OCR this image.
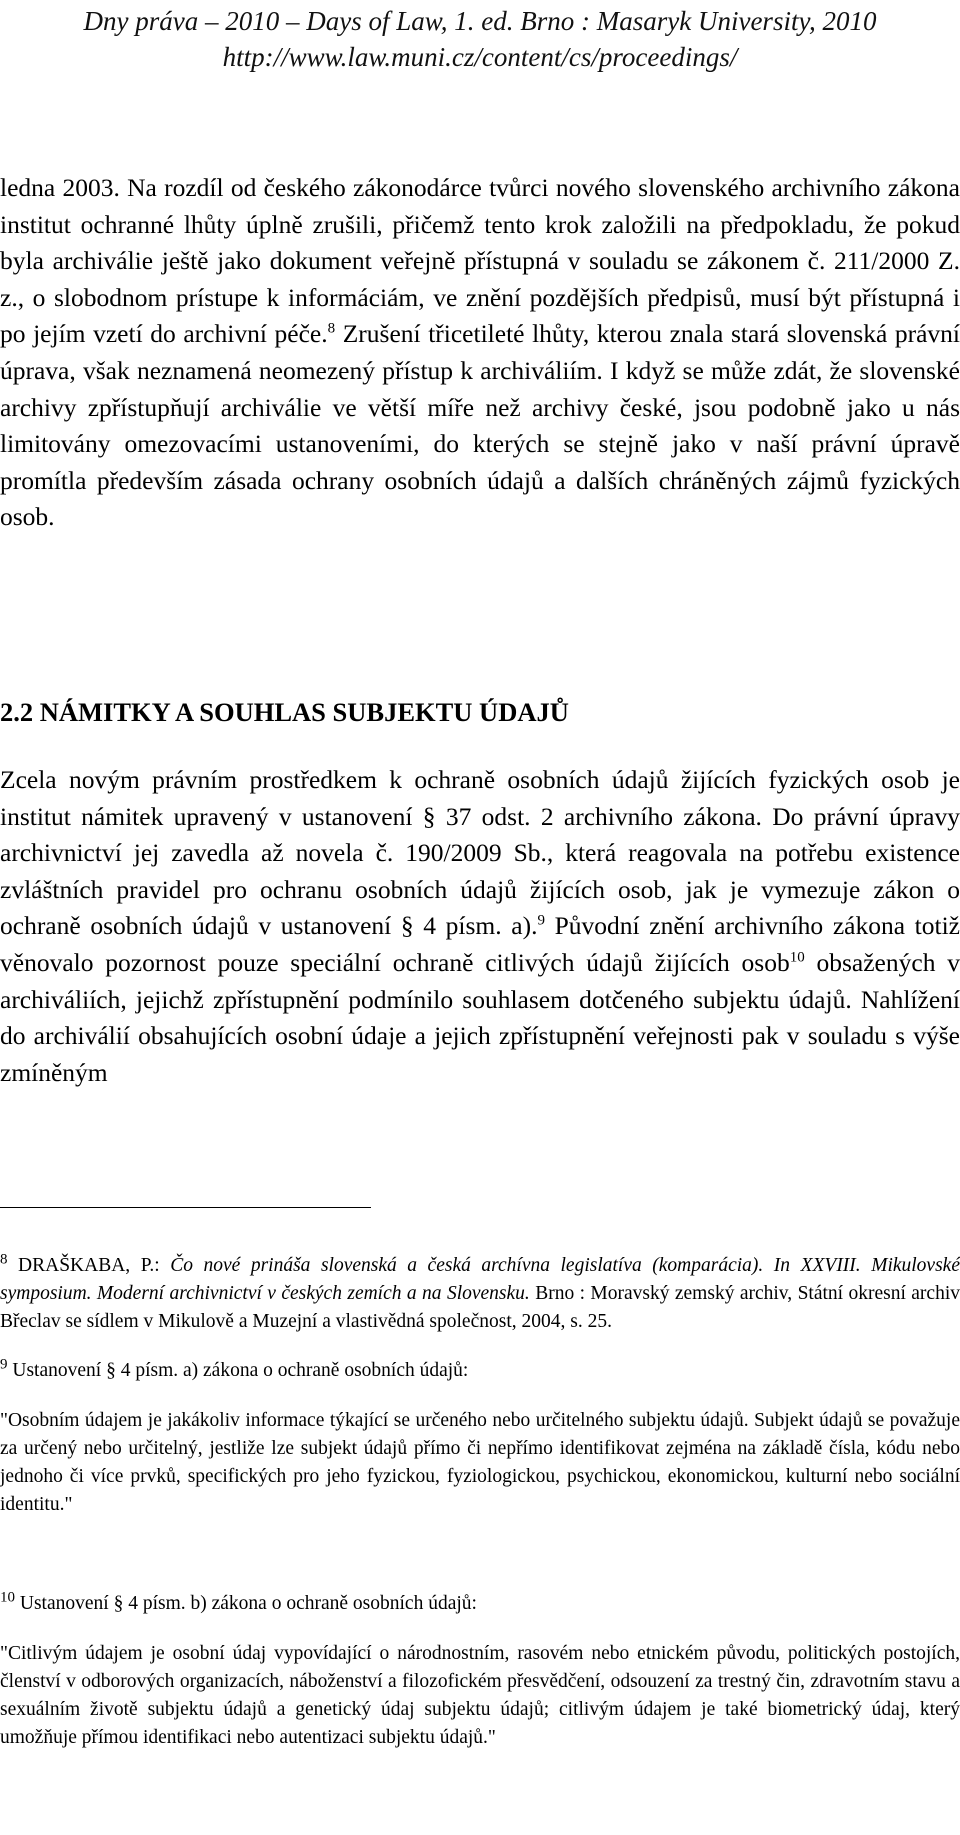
Dny práva – 2010 – Days of Law, 1. ed. Brno : Masaryk University, 2010
http://www.law.muni.cz/content/cs/proceedings/

ledna 2003. Na rozdíl od českého zákonodárce tvůrci nového slovenského archivního zákona institut ochranné lhůty úplně zrušili, přičemž tento krok založili na předpokladu, že pokud byla archiválie ještě jako dokument veřejně přístupná v souladu se zákonem č. 211/2000 Z. z., o slobodnom prístupe k informáciám, ve znění pozdějších předpisů, musí být přístupná i po jejím vzetí do archivní péče.$^8$ Zrušení třicetileté lhůty, kterou znala stará slovenská právní úprava, však neznamená neomezený přístup k archiváliím. I když se může zdát, že slovenské archivy zpřístupňují archiválie ve větší míře než archivy české, jsou podobně jako u nás limitovány omezovacími ustanoveními, do kterých se stejně jako v naší právní úpravě promítla především zásada ochrany osobních údajů a dalších chráněných zájmů fyzických osob.

2.2 NÁMITKY A SOUHLAS SUBJEKTU ÚDAJŮ

Zcela novým právním prostředkem k ochraně osobních údajů žijících fyzických osob je institut námitek upravený v ustanovení § 37 odst. 2 archivního zákona. Do právní úpravy archivnictví jej zavedla až novela č. 190/2009 Sb., která reagovala na potřebu existence zvláštních pravidel pro ochranu osobních údajů žijících osob, jak je vymezuje zákon o ochraně osobních údajů v ustanovení § 4 písm. a).$^9$ Původní znění archivního zákona totiž věnovalo pozornost pouze speciální ochraně citlivých údajů žijících osob$^{10}$ obsažených v archiváliích, jejichž zpřístupnění podmínilo souhlasem dotčeného subjektu údajů. Nahlížení do archiválií obsahujících osobní údaje a jejich zpřístupnění veřejnosti pak v souladu s výše zmíněným

$^8$ DRAŠKABA, P.: Čo nové prináša slovenská a česká archívna legislatíva (komparácia). In XXVIII. Mikulovské symposium. Moderní archivnictví v českých zemích a na Slovensku. Brno : Moravský zemský archiv, Státní okresní archiv Břeclav se sídlem v Mikulově a Muzejní a vlastivědná společnost, 2004, s. 25.

$^9$ Ustanovení § 4 písm. a) zákona o ochraně osobních údajů:

"Osobním údajem je jakákoliv informace týkající se určeného nebo určitelného subjektu údajů. Subjekt údajů se považuje za určený nebo určitelný, jestliže lze subjekt údajů přímo či nepřímo identifikovat zejména na základě čísla, kódu nebo jednoho či více prvků, specifických pro jeho fyzickou, fyziologickou, psychickou, ekonomickou, kulturní nebo sociální identitu."

$^{10}$ Ustanovení § 4 písm. b) zákona o ochraně osobních údajů:

"Citlivým údajem je osobní údaj vypovídající o národnostním, rasovém nebo etnickém původu, politických postojích, členství v odborových organizacích, náboženství a filozofickém přesvědčení, odsouzení za trestný čin, zdravotním stavu a sexuálním životě subjektu údajů a genetický údaj subjektu údajů; citlivým údajem je také biometrický údaj, který umožňuje přímou identifikaci nebo autentizaci subjektu údajů."
